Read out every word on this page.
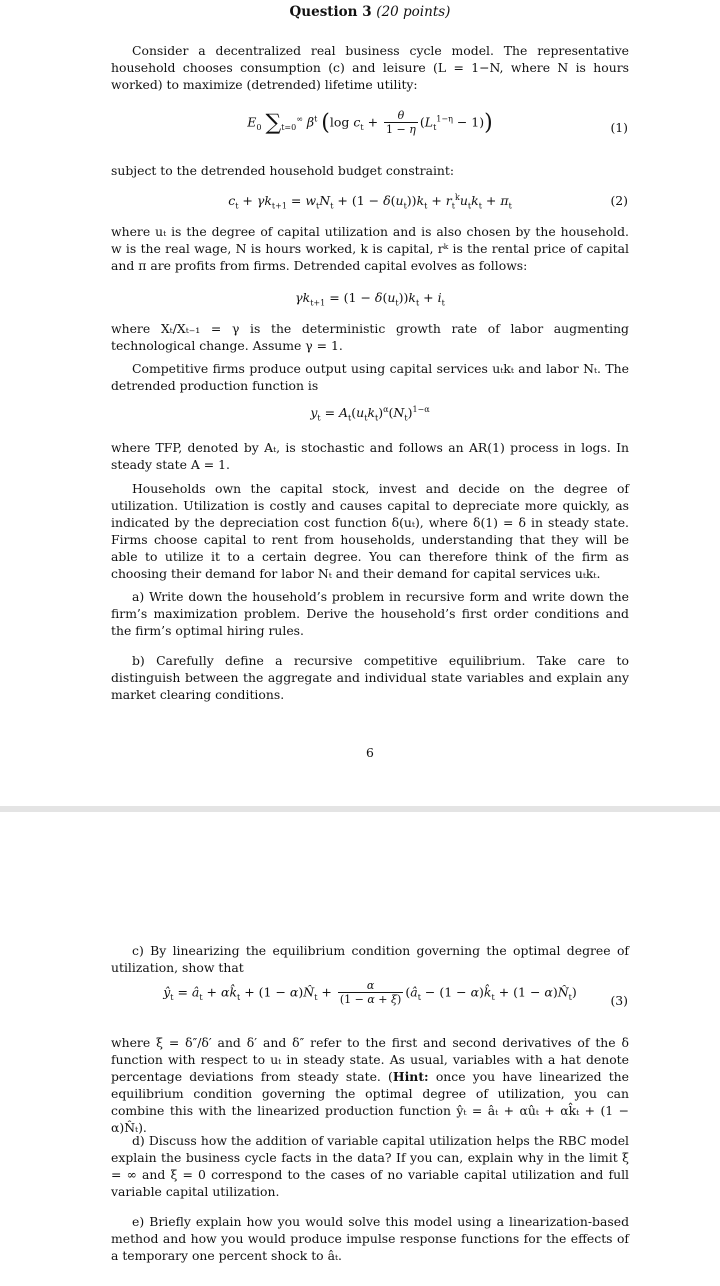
Question 3 (20 points)
Consider a decentralized real business cycle model. The representative household chooses consumption (c) and leisure (L = 1−N, where N is hours worked) to maximize (detrended) lifetime utility:
$E_0$ $\sum_{t=0}^\infty$ $\beta^t$ (log $c_t + \frac{\theta}{1 - \eta} (L_t^{1-\eta} - 1)$)	(1)
subject to the detrended household budget constraint:
$c_t + \gamma k_{t+1} = w_tN_t + (1 - \delta(u_t))k_t + r_t^ku_tk_t + \pi_t$	(2)
where uₜ is the degree of capital utilization and is also chosen by the household. w is the real wage, N is hours worked, k is capital, rᵏ is the rental price of capital and π are profits from firms. Detrended capital evolves as follows:
$\gamma k_{t+1} = (1 - \delta(u_t))k_t + i_t$
where Xₜ/Xₜ₋₁ = γ is the deterministic growth rate of labor augmenting technological change. Assume γ = 1.
Competitive firms produce output using capital services uₜkₜ and labor Nₜ. The detrended production function is
$y_t = A_t(u_tk_t)^\alpha(N_t)^{1-\alpha}$
where TFP, denoted by Aₜ, is stochastic and follows an AR(1) process in logs. In steady state A = 1.
Households own the capital stock, invest and decide on the degree of utilization. Utilization is costly and causes capital to depreciate more quickly, as indicated by the depreciation cost function δ(uₜ), where δ(1) = δ in steady state. Firms choose capital to rent from households, understanding that they will be able to utilize it to a certain degree. You can therefore think of the firm as choosing their demand for labor Nₜ and their demand for capital services uₜkₜ.
a) Write down the household’s problem in recursive form and write down the firm’s maximization problem. Derive the household’s first order conditions and the firm’s optimal hiring rules.
b) Carefully define a recursive competitive equilibrium. Take care to distinguish between the aggregate and individual state variables and explain any market clearing conditions.
6
c) By linearizing the equilibrium condition governing the optimal degree of utilization, show that
$ŷ_t$ = $â_t$ + $\alpha k̂_t + (1$ − $\alpha)N̂_t + \frac{\alpha}{(1 - \alpha + \xi)}$ ($â_t - (1$ − $\alpha)k̂_t + (1$ − $\alpha)N̂_t$)
(3)
where ξ = δ″/δ′ and δ′ and δ″ refer to the first and second derivatives of the δ function with respect to uₜ in steady state. As usual, variables with a hat denote percentage deviations from steady state. (Hint: once you have linearized the equilibrium condition governing the optimal degree of utilization, you can combine this with the linearized production function ŷₜ = âₜ + αûₜ + αk̂ₜ + (1 − α)N̂ₜ).
d) Discuss how the addition of variable capital utilization helps the RBC model explain the business cycle facts in the data? If you can, explain why in the limit ξ = ∞ and ξ = 0 correspond to the cases of no variable capital utilization and full variable capital utilization.
e) Briefly explain how you would solve this model using a linearization-based method and how you would produce impulse response functions for the effects of a temporary one percent shock to âₜ.
